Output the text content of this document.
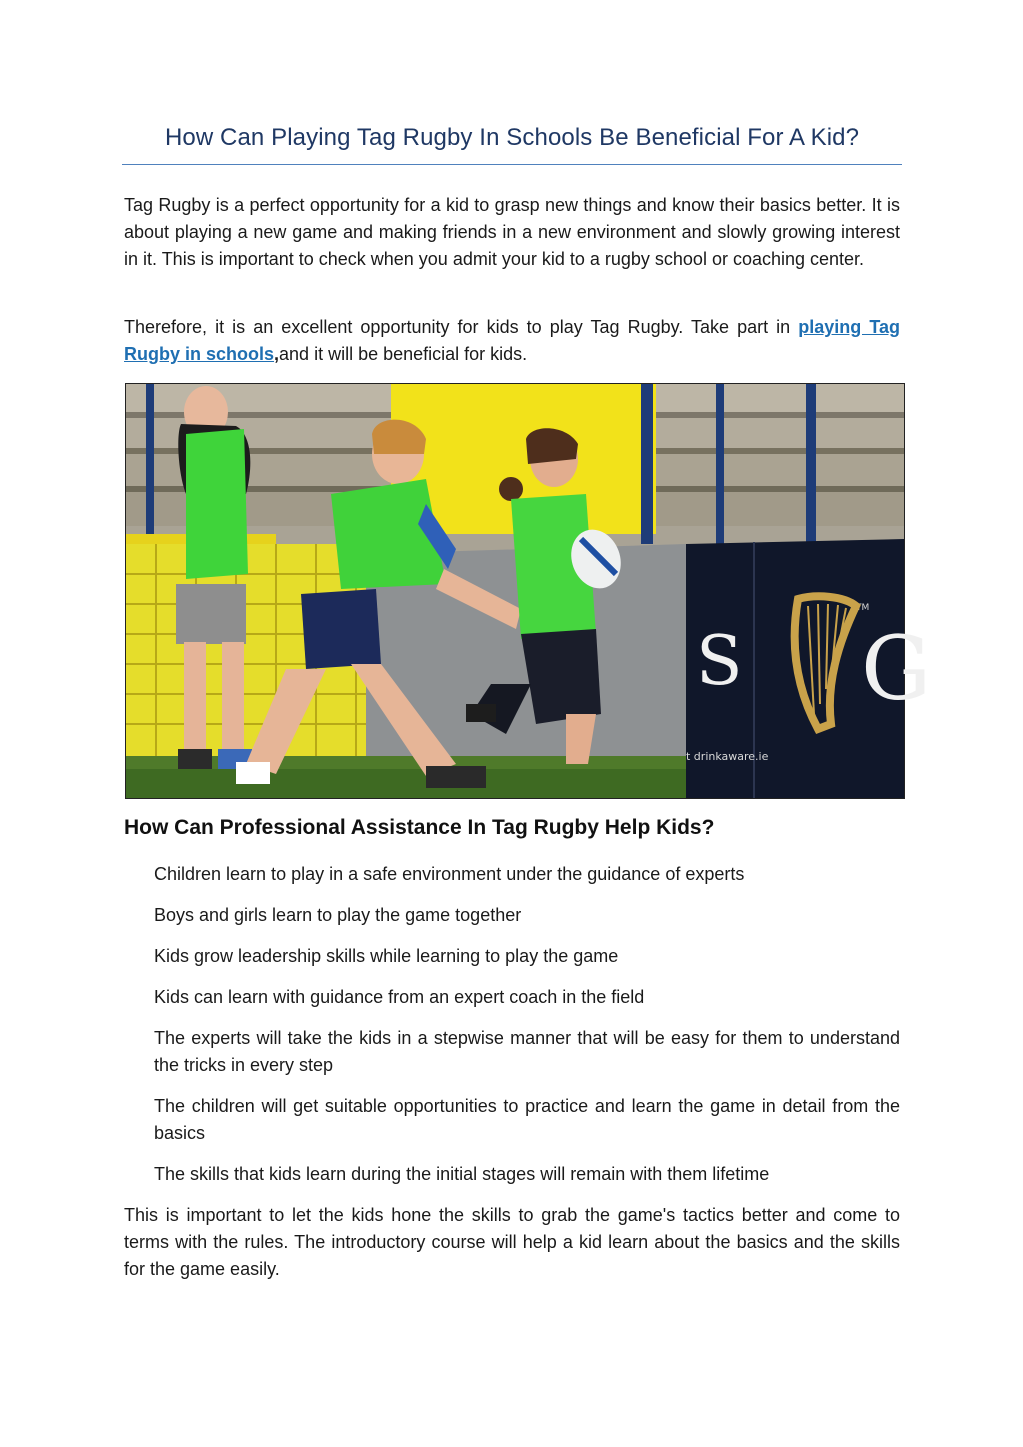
How Can Playing Tag Rugby In Schools Be Beneficial For A Kid?

Tag Rugby is a perfect opportunity for a kid to grasp new things and know their basics better. It is about playing a new game and making friends in a new environment and slowly growing interest in it. This is important to check when you admit your kid to a rugby school or coaching center.

Therefore, it is an excellent opportunity for kids to play Tag Rugby. Take part in playing Tag Rugby in schools,and it will be beneficial for kids.

S G
t drinkaware.ie
TM
How Can Professional Assistance In Tag Rugby Help Kids?
Children learn to play in a safe environment under the guidance of experts
Boys and girls learn to play the game together
Kids grow leadership skills while learning to play the game
Kids can learn with guidance from an expert coach in the field
The experts will take the kids in a stepwise manner that will be easy for them to understand the tricks in every step
The children will get suitable opportunities to practice and learn the game in detail from the basics
The skills that kids learn during the initial stages will remain with them lifetime

This is important to let the kids hone the skills to grab the game's tactics better and come to terms with the rules. The introductory course will help a kid learn about the basics and the skills for the game easily.
